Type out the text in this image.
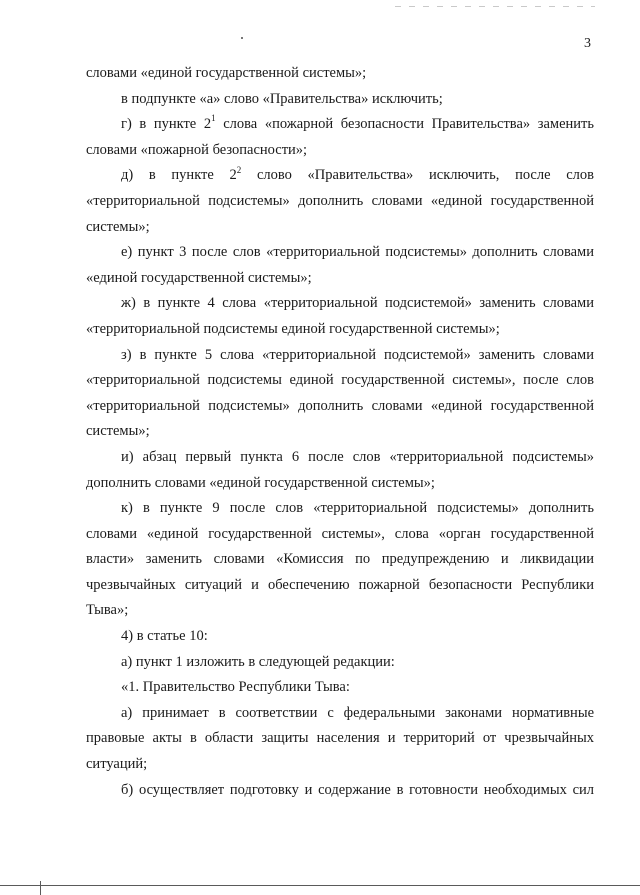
3

словами «единой государственной системы»;

в подпункте «а» слово «Правительства» исключить;

г) в пункте $2^1$ слова «пожарной безопасности Правительства» заменить словами «пожарной безопасности»;

д) в пункте $2^2$ слово «Правительства» исключить, после слов «территориальной подсистемы» дополнить словами «единой государственной системы»;

е) пункт 3 после слов «территориальной подсистемы» дополнить словами «единой государственной системы»;

ж) в пункте 4 слова «территориальной подсистемой» заменить словами «территориальной подсистемы единой государственной системы»;

з) в пункте 5 слова «территориальной подсистемой» заменить словами «территориальной подсистемы единой государственной системы», после слов «территориальной подсистемы» дополнить словами «единой государственной системы»;

и) абзац первый пункта 6 после слов «территориальной подсистемы» дополнить словами «единой государственной системы»;

к) в пункте 9 после слов «территориальной подсистемы» дополнить словами «единой государственной системы», слова «орган государственной власти» заменить словами «Комиссия по предупреждению и ликвидации чрезвычайных ситуаций и обеспечению пожарной безопасности Республики Тыва»;

4) в статье 10:

а) пункт 1 изложить в следующей редакции:

«1. Правительство Республики Тыва:

а) принимает в соответствии с федеральными законами нормативные правовые акты в области защиты населения и территорий от чрезвычайных ситуаций;

б) осуществляет подготовку и содержание в готовности необходимых сил
